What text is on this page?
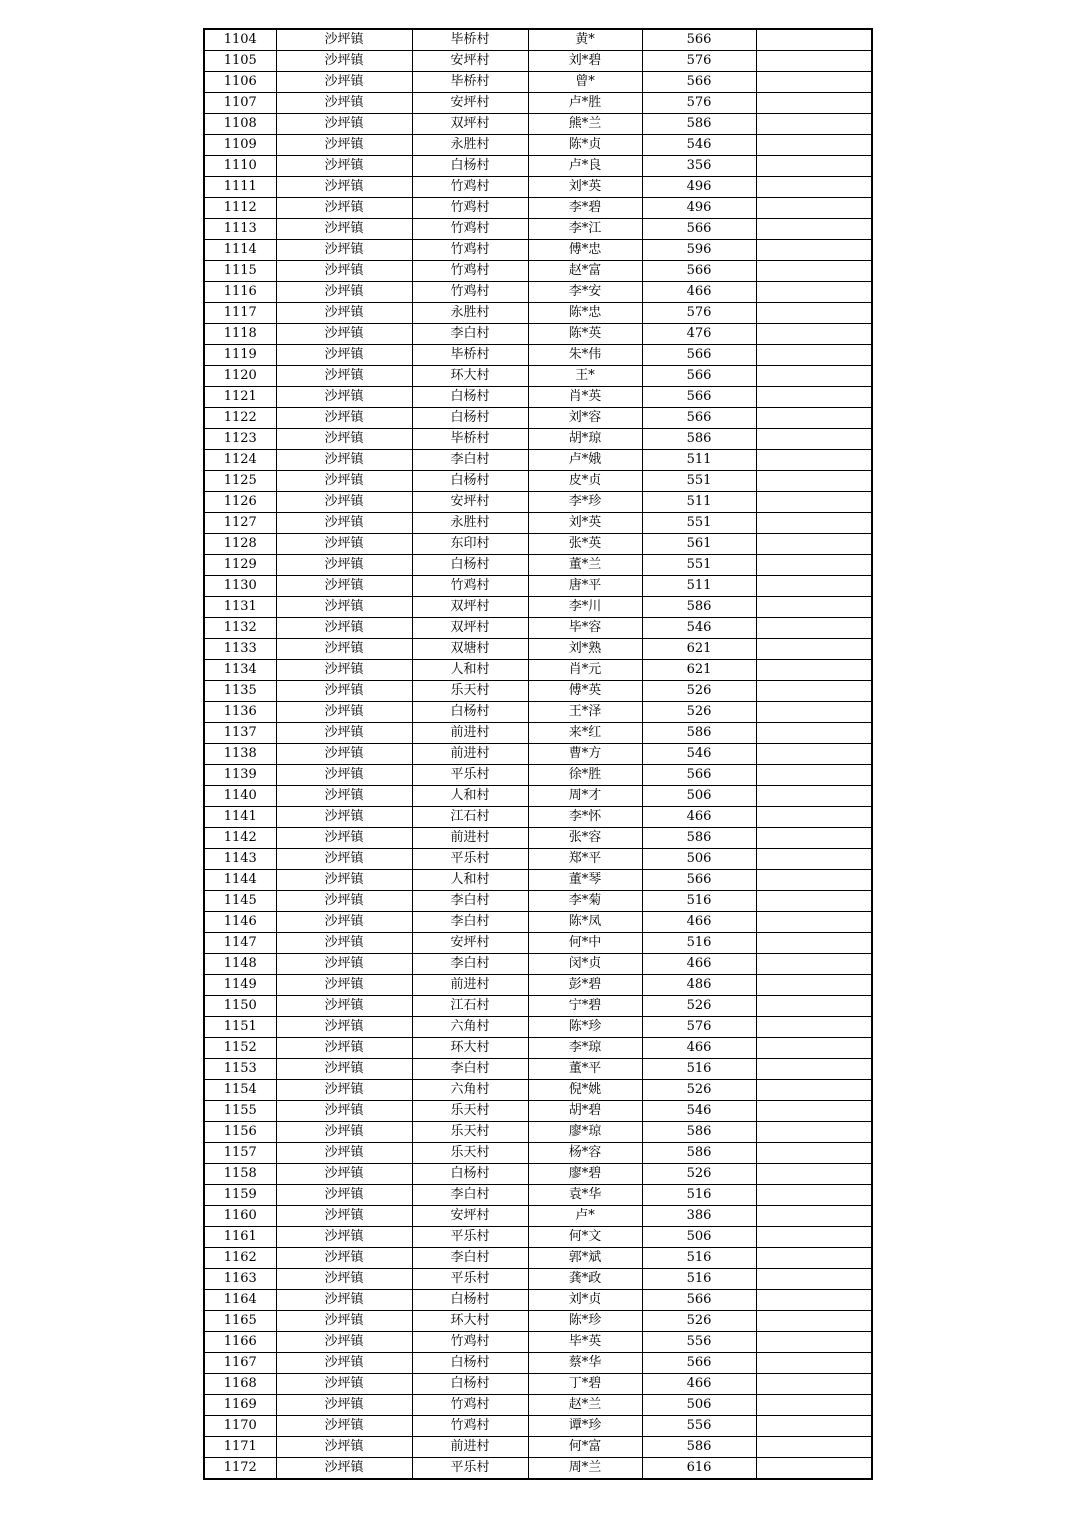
1104	沙坪镇	毕桥村	黄*	566	
1105	沙坪镇	安坪村	刘*碧	576	
1106	沙坪镇	毕桥村	曾*	566	
1107	沙坪镇	安坪村	卢*胜	576	
1108	沙坪镇	双坪村	熊*兰	586	
1109	沙坪镇	永胜村	陈*贞	546	
1110	沙坪镇	白杨村	卢*良	356	
1111	沙坪镇	竹鸡村	刘*英	496	
1112	沙坪镇	竹鸡村	李*碧	496	
1113	沙坪镇	竹鸡村	李*江	566	
1114	沙坪镇	竹鸡村	傅*忠	596	
1115	沙坪镇	竹鸡村	赵*富	566	
1116	沙坪镇	竹鸡村	李*安	466	
1117	沙坪镇	永胜村	陈*忠	576	
1118	沙坪镇	李白村	陈*英	476	
1119	沙坪镇	毕桥村	朱*伟	566	
1120	沙坪镇	环大村	王*	566	
1121	沙坪镇	白杨村	肖*英	566	
1122	沙坪镇	白杨村	刘*容	566	
1123	沙坪镇	毕桥村	胡*琼	586	
1124	沙坪镇	李白村	卢*娥	511	
1125	沙坪镇	白杨村	皮*贞	551	
1126	沙坪镇	安坪村	李*珍	511	
1127	沙坪镇	永胜村	刘*英	551	
1128	沙坪镇	东印村	张*英	561	
1129	沙坪镇	白杨村	董*兰	551	
1130	沙坪镇	竹鸡村	唐*平	511	
1131	沙坪镇	双坪村	李*川	586	
1132	沙坪镇	双坪村	毕*容	546	
1133	沙坪镇	双塘村	刘*熟	621	
1134	沙坪镇	人和村	肖*元	621	
1135	沙坪镇	乐天村	傅*英	526	
1136	沙坪镇	白杨村	王*泽	526	
1137	沙坪镇	前进村	来*红	586	
1138	沙坪镇	前进村	曹*方	546	
1139	沙坪镇	平乐村	徐*胜	566	
1140	沙坪镇	人和村	周*才	506	
1141	沙坪镇	江石村	李*怀	466	
1142	沙坪镇	前进村	张*容	586	
1143	沙坪镇	平乐村	郑*平	506	
1144	沙坪镇	人和村	董*琴	566	
1145	沙坪镇	李白村	李*菊	516	
1146	沙坪镇	李白村	陈*凤	466	
1147	沙坪镇	安坪村	何*中	516	
1148	沙坪镇	李白村	闵*贞	466	
1149	沙坪镇	前进村	彭*碧	486	
1150	沙坪镇	江石村	宁*碧	526	
1151	沙坪镇	六角村	陈*珍	576	
1152	沙坪镇	环大村	李*琼	466	
1153	沙坪镇	李白村	董*平	516	
1154	沙坪镇	六角村	倪*姚	526	
1155	沙坪镇	乐天村	胡*碧	546	
1156	沙坪镇	乐天村	廖*琼	586	
1157	沙坪镇	乐天村	杨*容	586	
1158	沙坪镇	白杨村	廖*碧	526	
1159	沙坪镇	李白村	袁*华	516	
1160	沙坪镇	安坪村	卢*	386	
1161	沙坪镇	平乐村	何*文	506	
1162	沙坪镇	李白村	郭*斌	516	
1163	沙坪镇	平乐村	龚*政	516	
1164	沙坪镇	白杨村	刘*贞	566	
1165	沙坪镇	环大村	陈*珍	526	
1166	沙坪镇	竹鸡村	毕*英	556	
1167	沙坪镇	白杨村	蔡*华	566	
1168	沙坪镇	白杨村	丁*碧	466	
1169	沙坪镇	竹鸡村	赵*兰	506	
1170	沙坪镇	竹鸡村	谭*珍	556	
1171	沙坪镇	前进村	何*富	586	
1172	沙坪镇	平乐村	周*兰	616	
